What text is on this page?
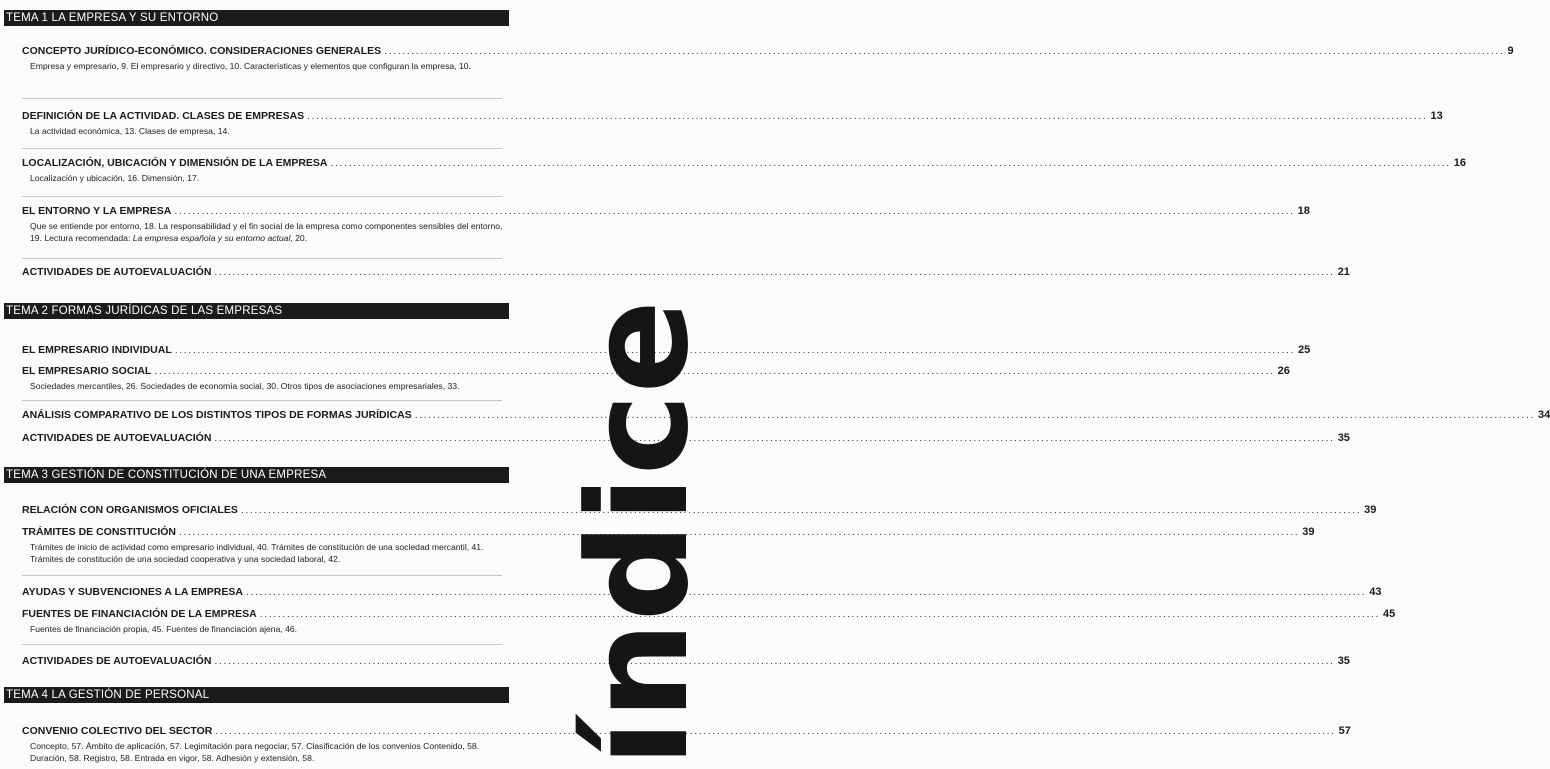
TEMA 1 LA EMPRESA Y SU ENTORNO
CONCEPTO JURÍDICO-ECONÓMICO. CONSIDERACIONES GENERALES .....	9
Empresa y empresario, 9. El empresario y directivo, 10. Características y elementos que configuran la empresa, 10.
DEFINICIÓN DE LA ACTIVIDAD. CLASES DE EMPRESAS .....	13
La actividad económica, 13. Clases de empresa, 14.
LOCALIZACIÓN, UBICACIÓN Y DIMENSIÓN DE LA EMPRESA .....	16
Localización y ubicación, 16. Dimensión, 17.
EL ENTORNO Y LA EMPRESA .....	18
Que se entiende por entorno, 18. La responsabilidad y el fin social de la empresa como componentes sensibles del entorno, 19. Lectura recomendada: La empresa española y su entorno actual, 20.
ACTIVIDADES DE AUTOEVALUACIÓN .....	21
TEMA 2 FORMAS JURÍDICAS DE LAS EMPRESAS
EL EMPRESARIO INDIVIDUAL .....	25
EL EMPRESARIO SOCIAL .....	26
Sociedades mercantiles, 26. Sociedades de economía social, 30. Otros tipos de asociaciones empresariales, 33.
ANÁLISIS COMPARATIVO DE LOS DISTINTOS TIPOS DE FORMAS JURÍDICAS .....	34
ACTIVIDADES DE AUTOEVALUACIÓN .....	35
TEMA 3 GESTIÓN DE CONSTITUCIÓN DE UNA EMPRESA
RELACIÓN CON ORGANISMOS OFICIALES .....	39
TRÁMITES DE CONSTITUCIÓN .....	39
Trámites de inicio de actividad como empresario individual, 40. Trámites de constitución de una sociedad mercantil, 41. Trámites de constitución de una sociedad cooperativa y una sociedad laboral, 42.
AYUDAS Y SUBVENCIONES A LA EMPRESA .....	43
FUENTES DE FINANCIACIÓN DE LA EMPRESA .....	45
Fuentes de financiación propia, 45. Fuentes de financiación ajena, 46.
ACTIVIDADES DE AUTOEVALUACIÓN .....	35
TEMA 4 LA GESTIÓN DE PERSONAL
CONVENIO COLECTIVO DEL SECTOR .....	57
Concepto, 57. Ámbito de aplicación, 57. Legimitación para negociar, 57. Clasificación de los convenios Contenido, 58. Duración, 58. Registro, 58. Entrada en vigor, 58. Adhesión y extensión, 58.	índice
